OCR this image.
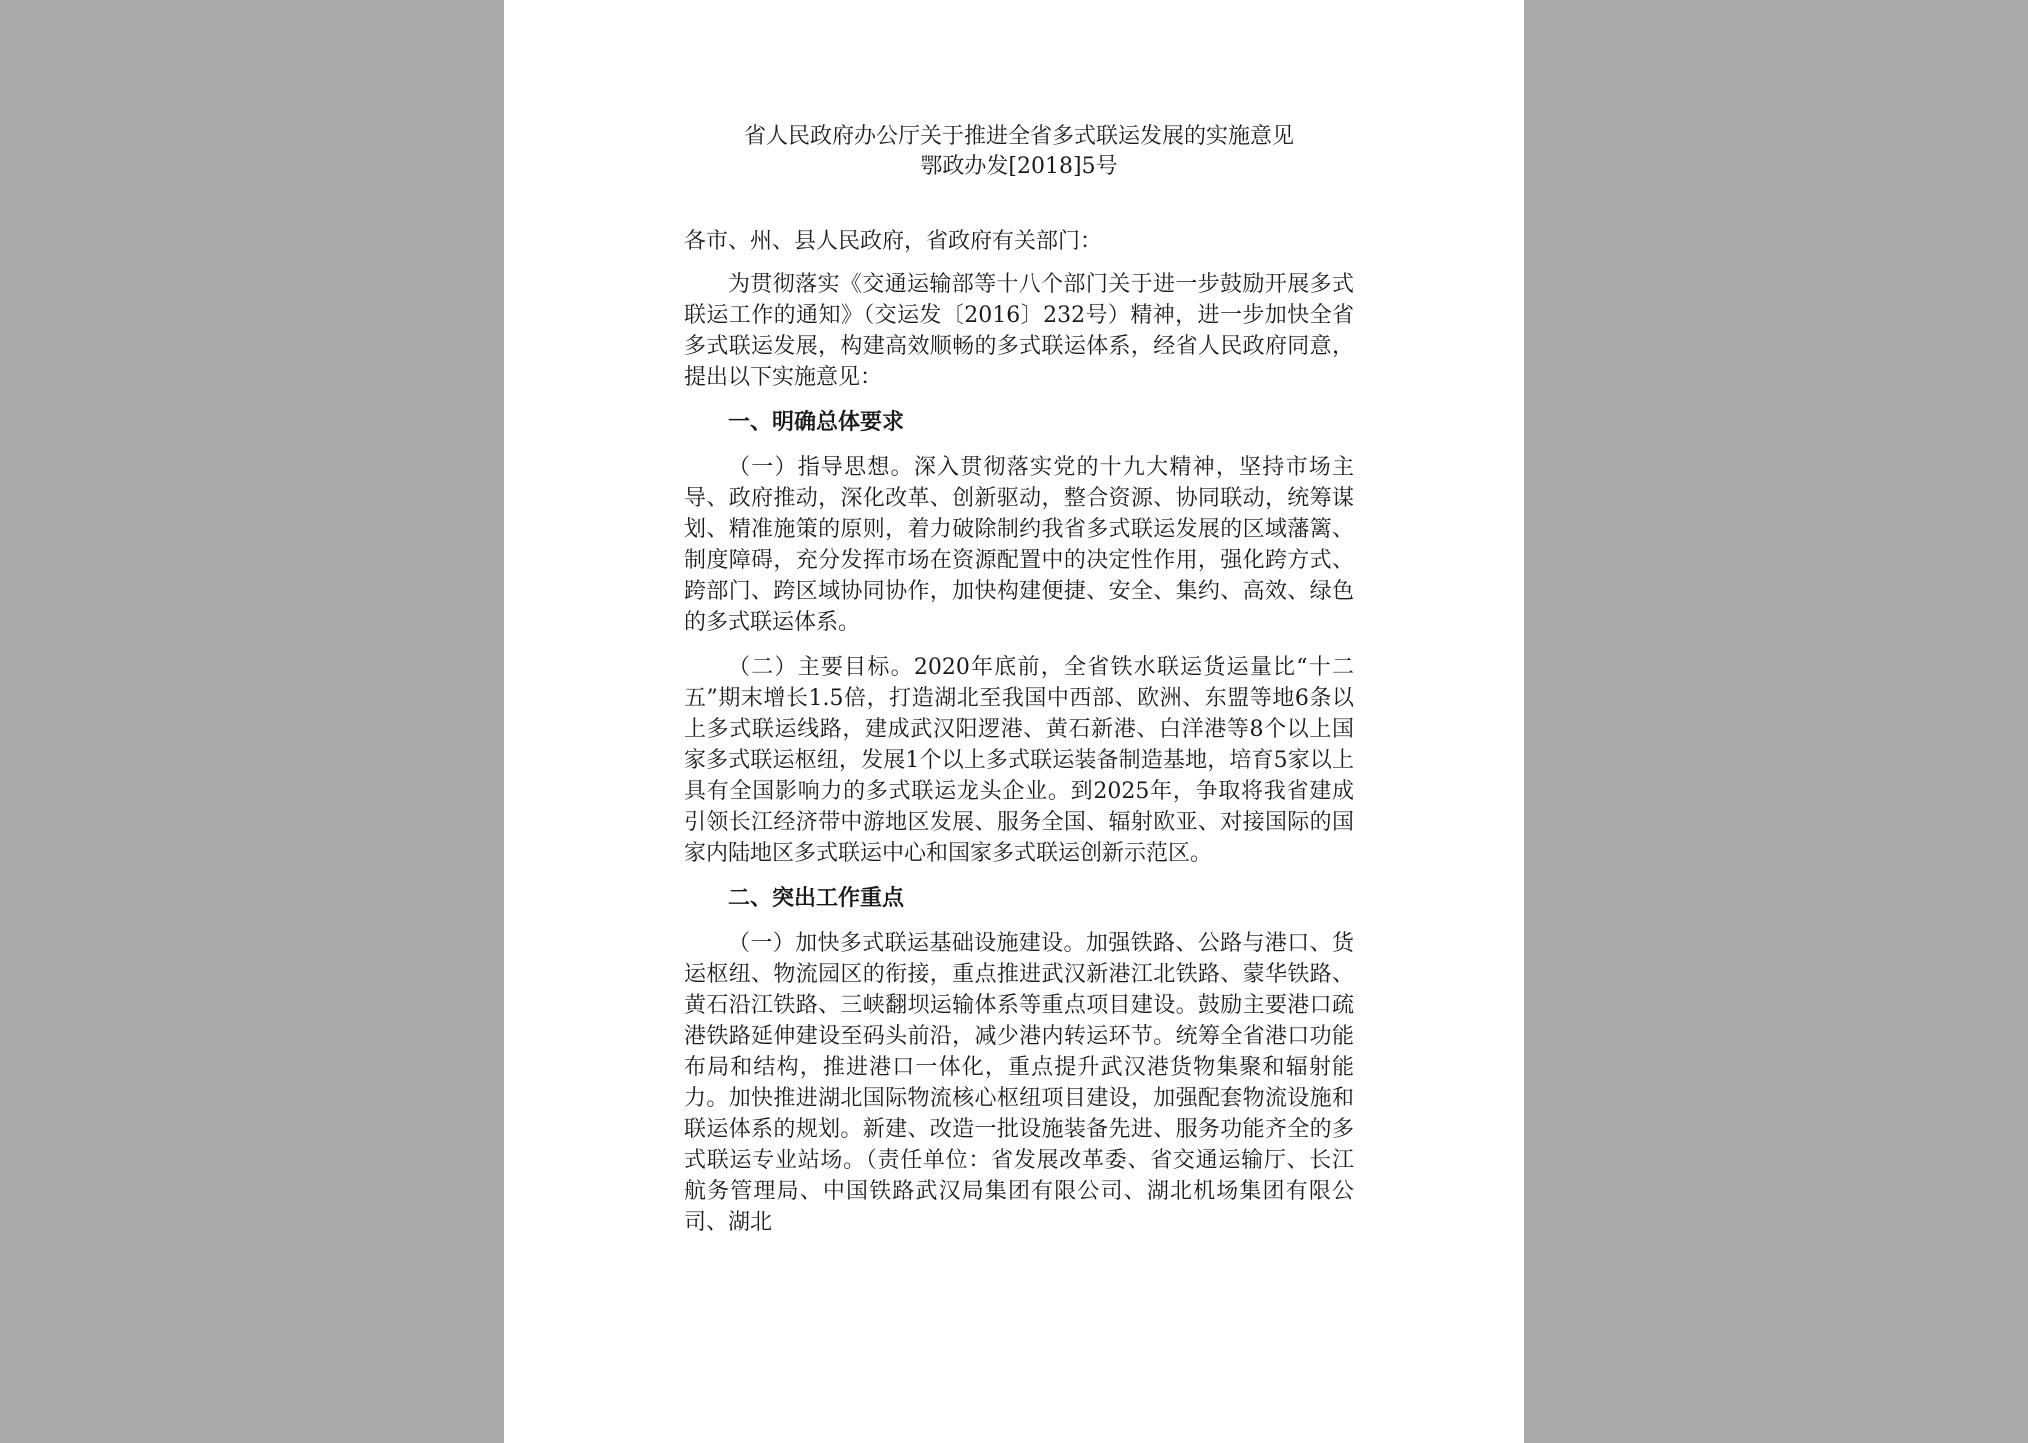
省人民政府办公厅关于推进全省多式联运发展的实施意见

鄂政办发[2018]5号

各市、州、县人民政府，省政府有关部门：

为贯彻落实《交通运输部等十八个部门关于进一步鼓励开展多式联运工作的通知》（交运发〔2016〕232号）精神，进一步加快全省多式联运发展，构建高效顺畅的多式联运体系，经省人民政府同意，提出以下实施意见：

一、明确总体要求

（一）指导思想。深入贯彻落实党的十九大精神，坚持市场主导、政府推动，深化改革、创新驱动，整合资源、协同联动，统筹谋划、精准施策的原则，着力破除制约我省多式联运发展的区域藩篱、制度障碍，充分发挥市场在资源配置中的决定性作用，强化跨方式、跨部门、跨区域协同协作，加快构建便捷、安全、集约、高效、绿色的多式联运体系。

（二）主要目标。2020年底前，全省铁水联运货运量比“十二五”期末增长1.5倍，打造湖北至我国中西部、欧洲、东盟等地6条以上多式联运线路，建成武汉阳逻港、黄石新港、白洋港等8个以上国家多式联运枢纽，发展1个以上多式联运装备制造基地，培育5家以上具有全国影响力的多式联运龙头企业。到2025年，争取将我省建成引领长江经济带中游地区发展、服务全国、辐射欧亚、对接国际的国家内陆地区多式联运中心和国家多式联运创新示范区。

二、突出工作重点

（一）加快多式联运基础设施建设。加强铁路、公路与港口、货运枢纽、物流园区的衔接，重点推进武汉新港江北铁路、蒙华铁路、黄石沿江铁路、三峡翻坝运输体系等重点项目建设。鼓励主要港口疏港铁路延伸建设至码头前沿，减少港内转运环节。统筹全省港口功能布局和结构，推进港口一体化，重点提升武汉港货物集聚和辐射能力。加快推进湖北国际物流核心枢纽项目建设，加强配套物流设施和联运体系的规划。新建、改造一批设施装备先进、服务功能齐全的多式联运专业站场。（责任单位：省发展改革委、省交通运输厅、长江航务管理局、中国铁路武汉局集团有限公司、湖北机场集团有限公司、湖北
